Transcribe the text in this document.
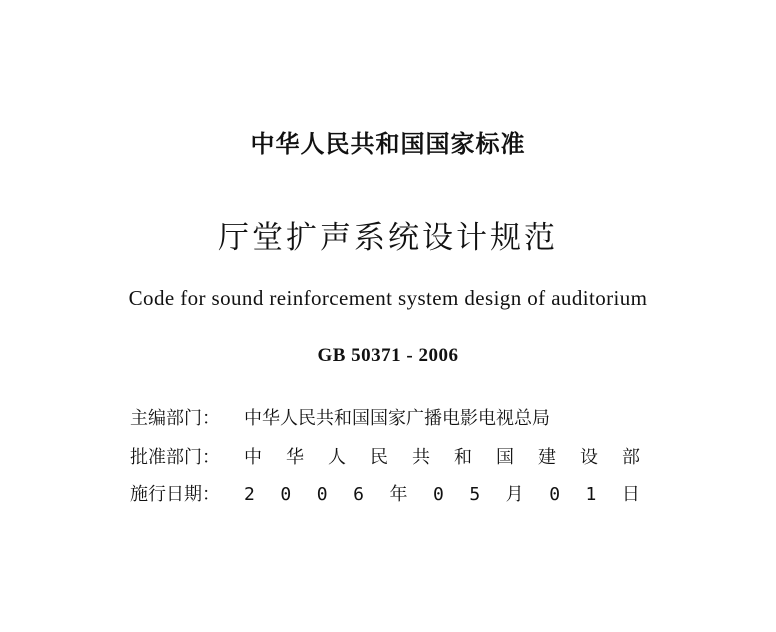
中华人民共和国国家标准
厅堂扩声系统设计规范
Code for sound reinforcement system design of auditorium
GB 50371 - 2006
主编部门：	中华人民共和国国家广播电影电视总局
批准部门：	中 华 人 民 共 和 国 建 设 部
施行日期：	2 0 0 6 年 0 5 月 0 1 日
